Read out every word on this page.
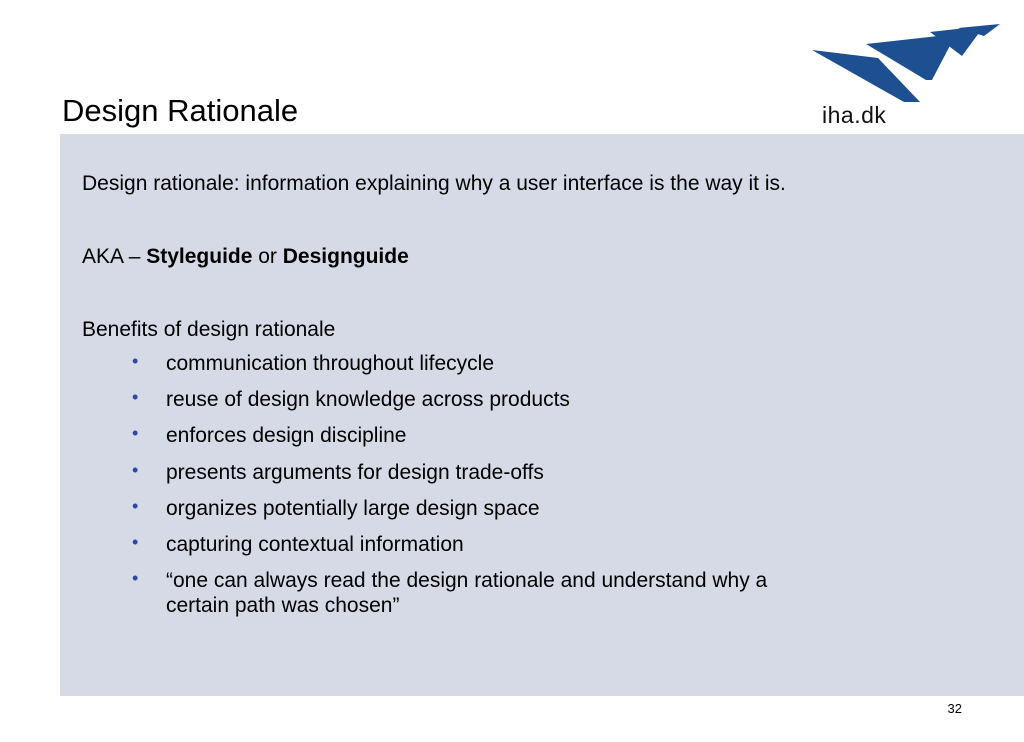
Design Rationale	iha.dk
Design rationale: information explaining why a user interface is the way it is.
AKA – Styleguide or Designguide
Benefits of design rationale
• communication throughout lifecycle
• reuse of design knowledge across products
• enforces design discipline
• presents arguments for design trade-offs
• organizes potentially large design space
• capturing contextual information
• “one can always read the design rationale and understand why a
certain path was chosen”
32
